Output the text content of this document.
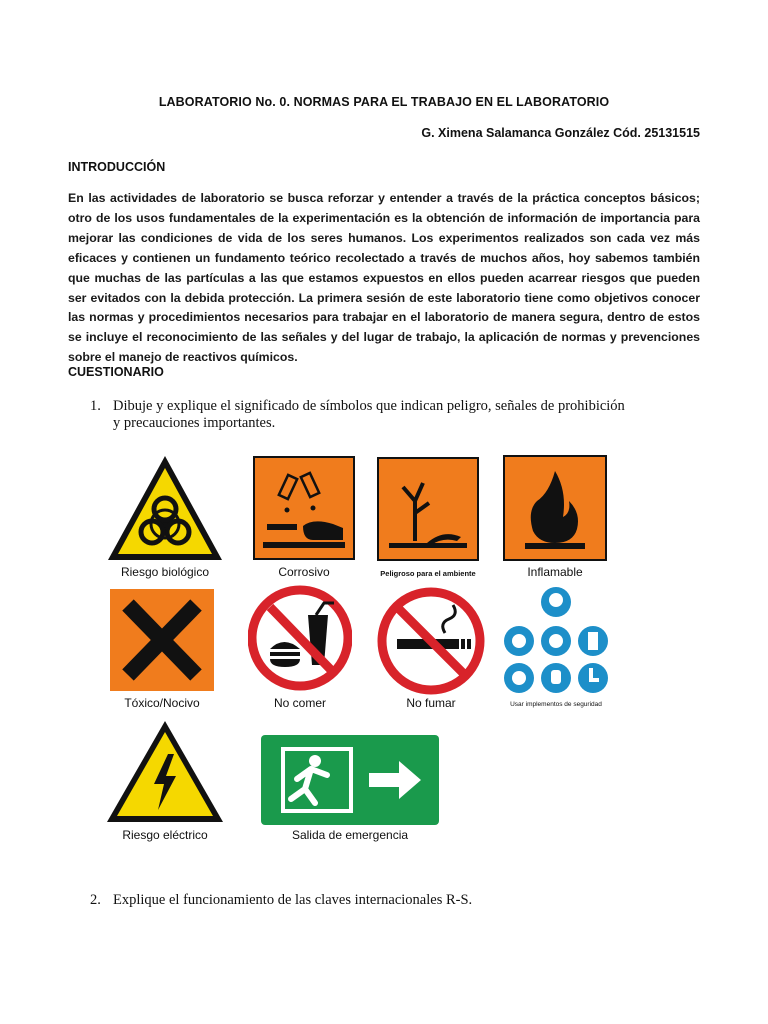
LABORATORIO No. 0. NORMAS PARA EL TRABAJO EN EL LABORATORIO
G. Ximena Salamanca González Cód. 25131515
INTRODUCCIÓN
En las actividades de laboratorio se busca reforzar y entender a través de la práctica conceptos básicos; otro de los usos fundamentales de la experimentación es la obtención de información de importancia para mejorar las condiciones de vida de los seres humanos. Los experimentos realizados son cada vez más eficaces y contienen un fundamento teórico recolectado a través de muchos años, hoy sabemos también que muchas de las partículas a las que estamos expuestos en ellos pueden acarrear riesgos que pueden ser evitados con la debida protección. La primera sesión de este laboratorio tiene como objetivos conocer las normas y procedimientos necesarios para trabajar en el laboratorio de manera segura, dentro de estos se incluye el reconocimiento de las señales y del lugar de trabajo, la aplicación de normas y prevenciones sobre el manejo de reactivos químicos.
CUESTIONARIO
1. Dibuje y explique el significado de símbolos que indican peligro, señales de prohibición y precauciones importantes.
Riesgo biológico	Corrosivo	Peligroso para el ambiente	Inflamable
Tóxico/Nocivo	No comer	No fumar	Usar implementos de seguridad
Riesgo eléctrico	Salida de emergencia
2. Explique el funcionamiento de las claves internacionales R-S.
